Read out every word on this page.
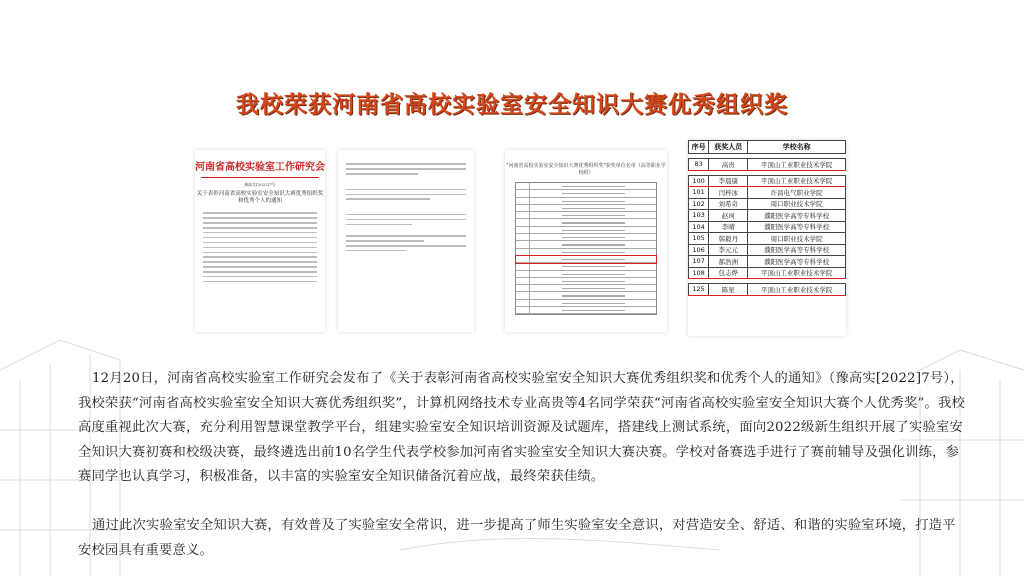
我校荣获河南省高校实验室安全知识大赛优秀组织奖
河南省高校实验室工作研究会
豫高实[2022]7号
关于表彰河南省高校实验室安全知识大赛优秀组织奖和优秀个人的通知
"河南省高校实验室安全知识大赛优秀组织奖"获奖单位名单（高等职业学校组）
序号	获奖人员	学校名称

83	高贵	平顶山工业职业技术学院

100	李晨康	平顶山工业职业技术学院
101	闫梓冰	许昌电气职业学院
102	刘希奇	周口职业技术学院
103	赵珂	濮阳医学高等专科学校
104	李晴	濮阳医学高等专科学校
105	韩毅丹	周口职业技术学院
106	李元元	濮阳医学高等专科学校
107	郝浩洲	濮阳医学高等专科学校
108	包志烨	平顶山工业职业技术学院

125	陈星	平顶山工业职业技术学院

12月20日，河南省高校实验室工作研究会发布了《关于表彰河南省高校实验室安全知识大赛优秀组织奖和优秀个人的通知》（豫高实[2022]7号），我校荣获“河南省高校实验室安全知识大赛优秀组织奖”，计算机网络技术专业高贵等4名同学荣获“河南省高校实验室安全知识大赛个人优秀奖”。我校高度重视此次大赛，充分利用智慧课堂教学平台，组建实验室安全知识培训资源及试题库，搭建线上测试系统，面向2022级新生组织开展了实验室安全知识大赛初赛和校级决赛，最终遴选出前10名学生代表学校参加河南省实验室安全知识大赛决赛。学校对备赛选手进行了赛前辅导及强化训练，参赛同学也认真学习，积极准备，以丰富的实验室安全知识储备沉着应战，最终荣获佳绩。

通过此次实验室安全知识大赛，有效普及了实验室安全常识，进一步提高了师生实验室安全意识，对营造安全、舒适、和谐的实验室环境，打造平安校园具有重要意义。
